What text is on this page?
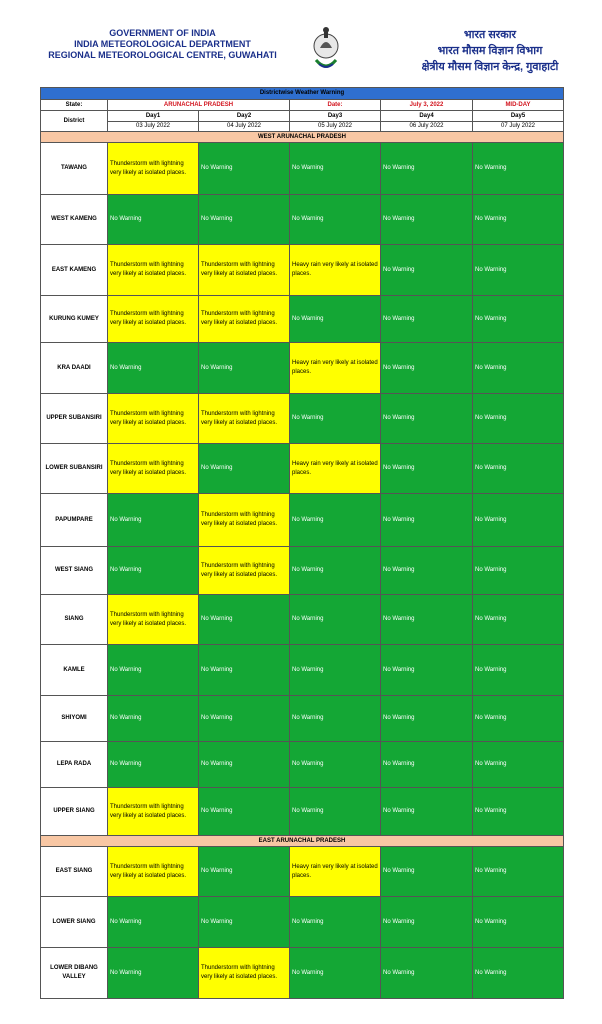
GOVERNMENT OF INDIA
INDIA METEOROLOGICAL DEPARTMENT
REGIONAL METEOROLOGICAL CENTRE, GUWAHATI
भारत सरकार
भारत मौसम विज्ञान विभाग
क्षेत्रीय मौसम विज्ञान केन्द्र, गुवाहाटी
Districtwise Weather Warning					
State:	ARUNACHAL PRADESH		Date:	July 3, 2022	MID-DAY
District	Day1	Day2	Day3	Day4	Day5
	03 July 2022	04 July 2022	05 July 2022	06 July 2022	07 July 2022
WEST ARUNACHAL PRADESH					
TAWANG	Thunderstorm with lightning very likely at isolated places.	No Warning	No Warning	No Warning	No Warning
WEST KAMENG	No Warning	No Warning	No Warning	No Warning	No Warning
EAST KAMENG	Thunderstorm with lightning very likely at isolated places.	Thunderstorm with lightning very likely at isolated places.	Heavy rain very likely at isolated places.	No Warning	No Warning
KURUNG KUMEY	Thunderstorm with lightning very likely at isolated places.	Thunderstorm with lightning very likely at isolated places.	No Warning	No Warning	No Warning
KRA DAADI	No Warning	No Warning	Heavy rain very likely at isolated places.	No Warning	No Warning
UPPER SUBANSIRI	Thunderstorm with lightning very likely at isolated places.	Thunderstorm with lightning very likely at isolated places.	No Warning	No Warning	No Warning
LOWER SUBANSIRI	Thunderstorm with lightning very likely at isolated places.	No Warning	Heavy rain very likely at isolated places.	No Warning	No Warning
PAPUMPARE	No Warning	Thunderstorm with lightning very likely at isolated places.	No Warning	No Warning	No Warning
WEST SIANG	No Warning	Thunderstorm with lightning very likely at isolated places.	No Warning	No Warning	No Warning
SIANG	Thunderstorm with lightning very likely at isolated places.	No Warning	No Warning	No Warning	No Warning
KAMLE	No Warning	No Warning	No Warning	No Warning	No Warning
SHIYOMI	No Warning	No Warning	No Warning	No Warning	No Warning
LEPA RADA	No Warning	No Warning	No Warning	No Warning	No Warning
UPPER SIANG	Thunderstorm with lightning very likely at isolated places.	No Warning	No Warning	No Warning	No Warning
EAST ARUNACHAL PRADESH					
EAST SIANG	Thunderstorm with lightning very likely at isolated places.	No Warning	Heavy rain very likely at isolated places.	No Warning	No Warning
LOWER SIANG	No Warning	No Warning	No Warning	No Warning	No Warning
LOWER DIBANG VALLEY	No Warning	Thunderstorm with lightning very likely at isolated places.	No Warning	No Warning	No Warning
